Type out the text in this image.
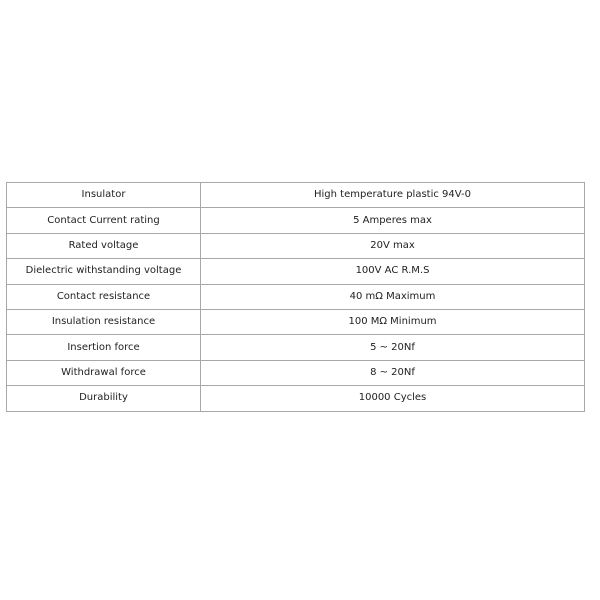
Insulator	High temperature plastic 94V-0
Contact Current rating	5 Amperes max
Rated voltage	20V max
Dielectric withstanding voltage	100V AC R.M.S
Contact resistance	40 mΩ Maximum
Insulation resistance	100 MΩ Minimum
Insertion force	5 ~ 20Nf
Withdrawal force	8 ~ 20Nf
Durability	10000 Cycles
